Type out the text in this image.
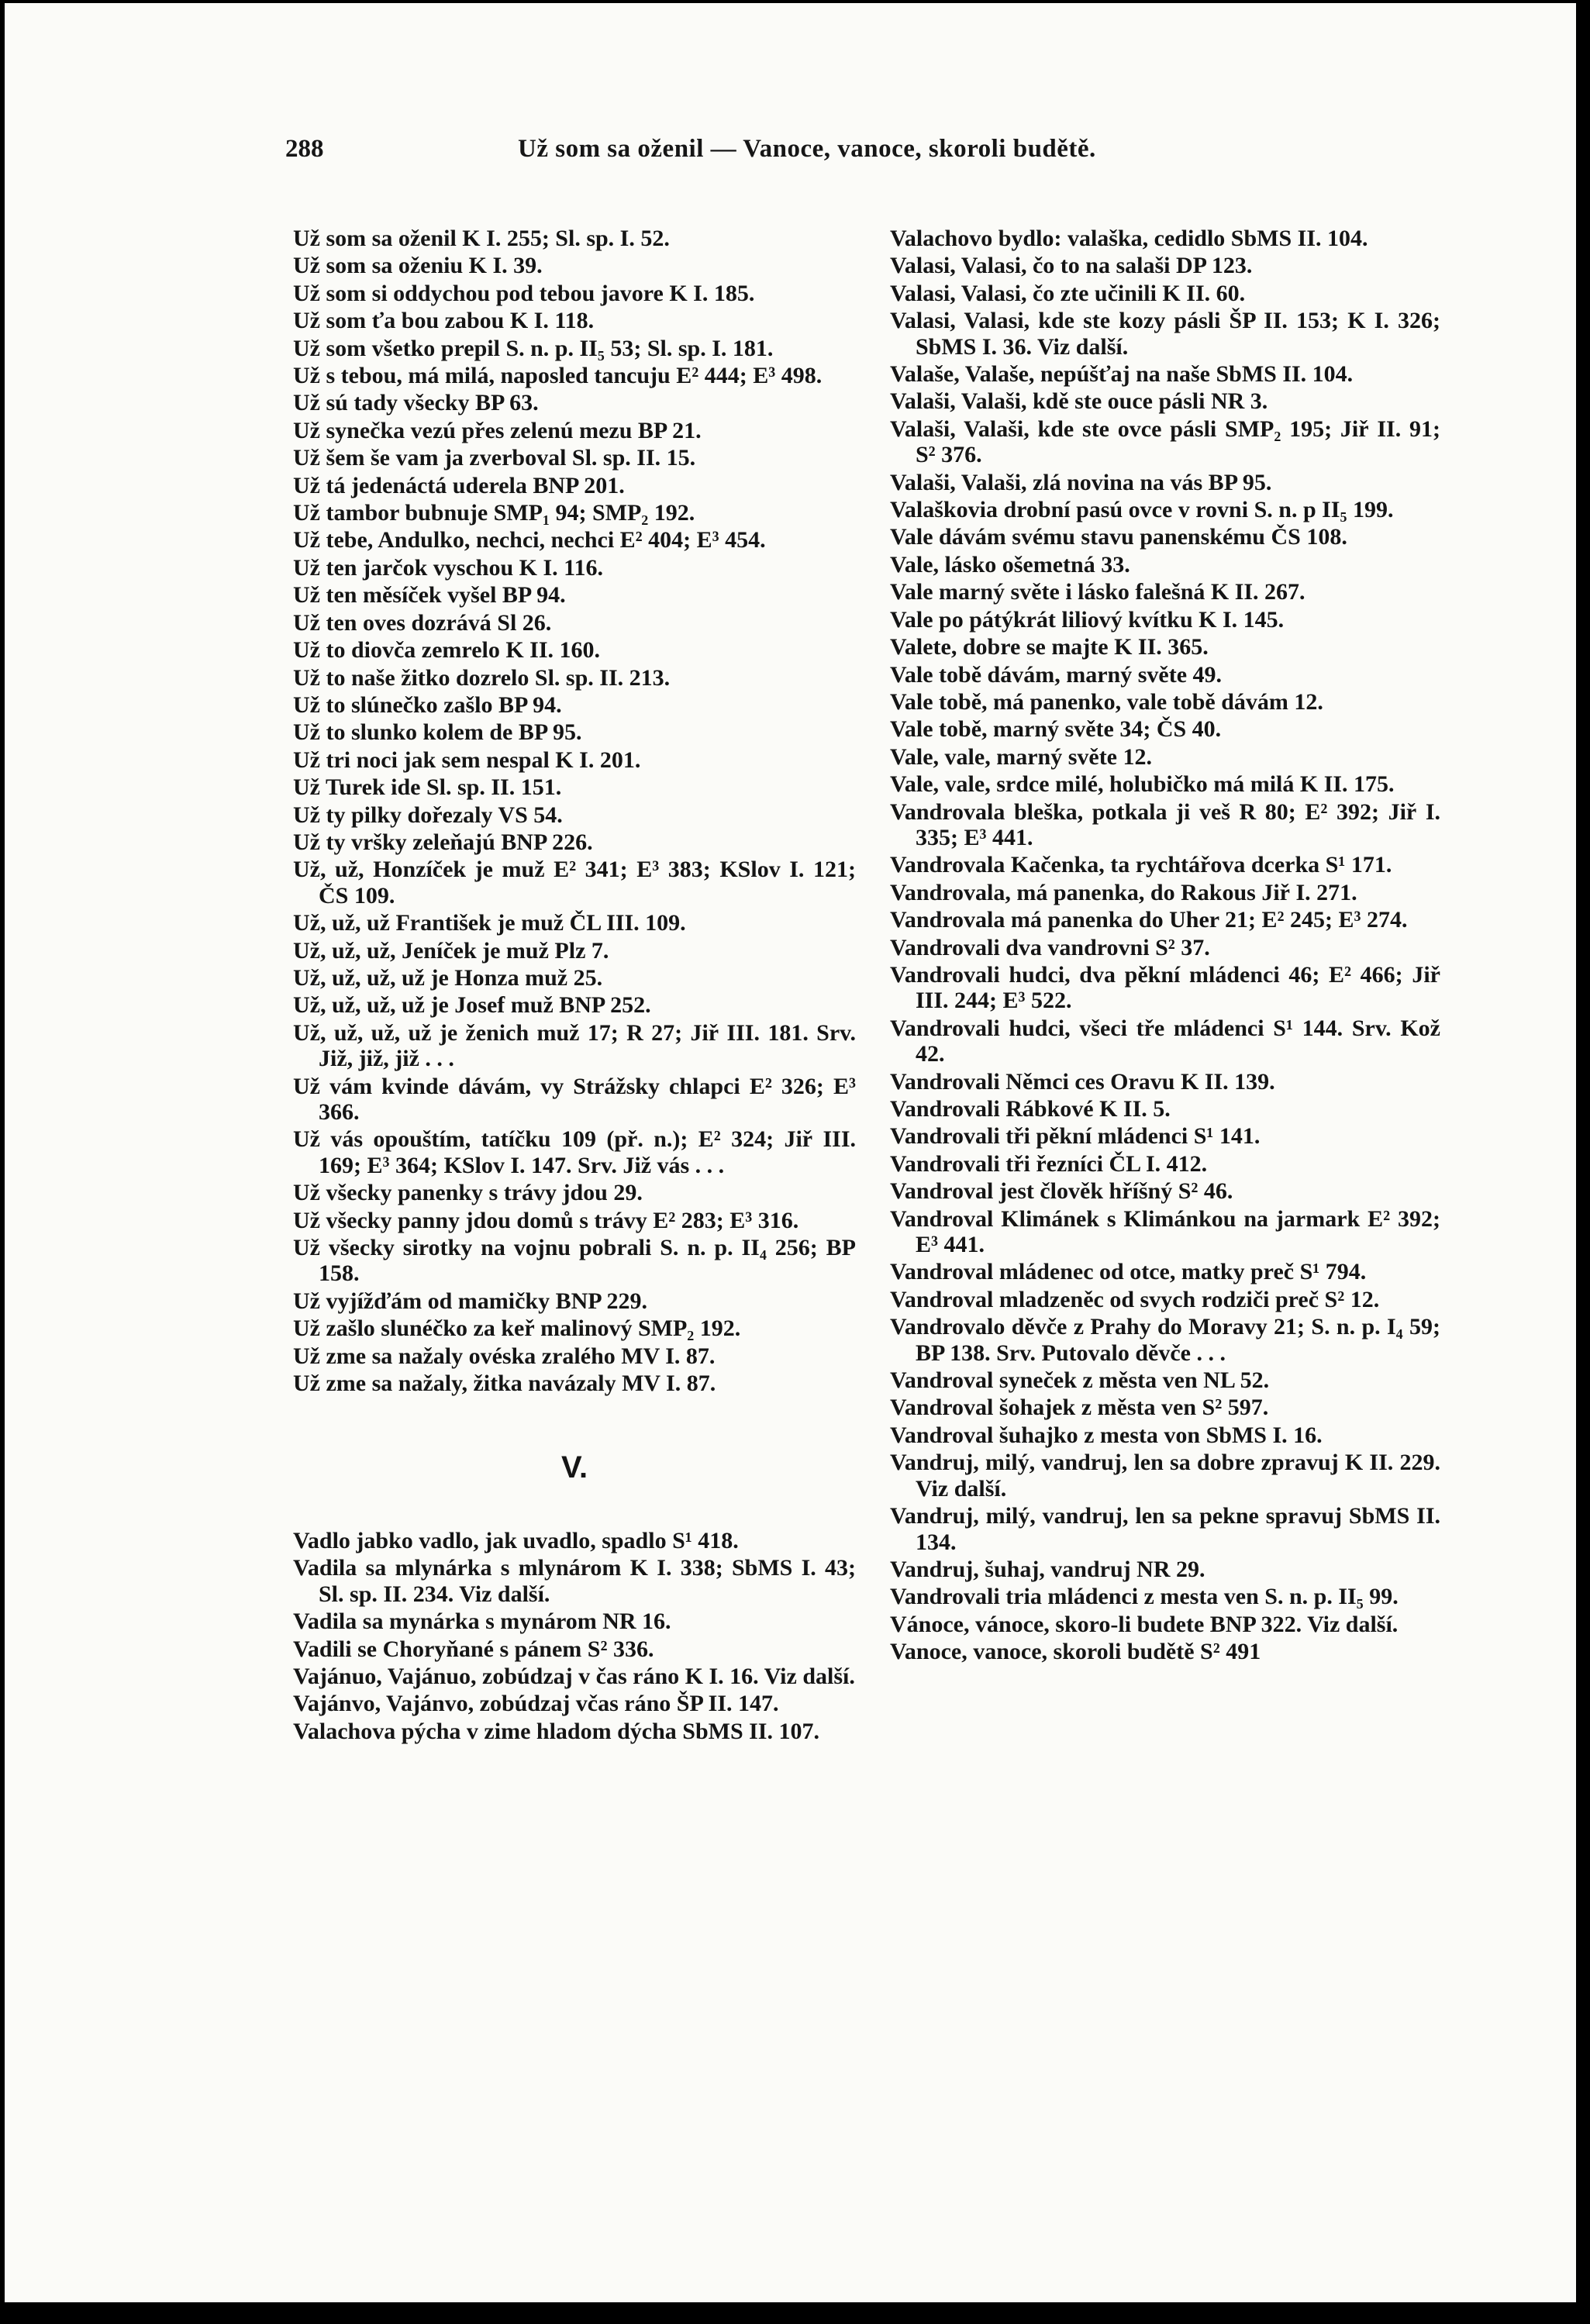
288	Už som sa oženil — Vanoce, vanoce, skoroli budětě.
Už som sa oženil K I. 255; Sl. sp. I. 52.
Už som sa oženiu K I. 39.
Už som si oddychou pod tebou javore K I. 185.
Už som ťa bou zabou K I. 118.
Už som všetko prepil S. n. p. II₅ 53; Sl. sp. I. 181.
Už s tebou, má milá, naposled tancuju E² 444; E³ 498.
Už sú tady všecky BP 63.
Už synečka vezú přes zelenú mezu BP 21.
Už šem še vam ja zverboval Sl. sp. II. 15.
Už tá jedenáctá uderela BNP 201.
Už tambor bubnuje SMP₁ 94; SMP₂ 192.
Už tebe, Andulko, nechci, nechci E² 404; E³ 454.
Už ten jarčok vyschou K I. 116.
Už ten měsíček vyšel BP 94.
Už ten oves dozrává Sl 26.
Už to diovča zemrelo K II. 160.
Už to naše žitko dozrelo Sl. sp. II. 213.
Už to slúnečko zašlo BP 94.
Už to slunko kolem de BP 95.
Už tri noci jak sem nespal K I. 201.
Už Turek ide Sl. sp. II. 151.
Už ty pilky dořezaly VS 54.
Už ty vršky zeleňajú BNP 226.
Už, už, Honzíček je muž E² 341; E³ 383; KSlov I. 121; ČS 109.
Už, už, už František je muž ČL III. 109.
Už, už, už, Jeníček je muž Plz 7.
Už, už, už, už je Honza muž 25.
Už, už, už, už je Josef muž BNP 252.
Už, už, už, už je ženich muž 17; R 27; Jiř III. 181. Srv. Již, již, již . . .
Už vám kvinde dávám, vy Strážsky chlapci E² 326; E³ 366.
Už vás opouštím, tatíčku 109 (př. n.); E² 324; Jiř III. 169; E³ 364; KSlov I. 147. Srv. Již vás . . .
Už všecky panenky s trávy jdou 29.
Už všecky panny jdou domů s trávy E² 283; E³ 316.
Už všecky sirotky na vojnu pobrali S. n. p. II₄ 256; BP 158.
Už vyjížďám od mamičky BNP 229.
Už zašlo slunéčko za keř malinový SMP₂ 192.
Už zme sa nažaly ovéska zralého MV I. 87.
Už zme sa nažaly, žitka navázaly MV I. 87.
V.
Vadlo jabko vadlo, jak uvadlo, spadlo S¹ 418.
Vadila sa mlynárka s mlynárom K I. 338; SbMS I. 43; Sl. sp. II. 234. Viz další.
Vadila sa mynárka s mynárom NR 16.
Vadili se Choryňané s pánem S² 336.
Vajánuo, Vajánuo, zobúdzaj v čas ráno K I. 16. Viz další.
Vajánvo, Vajánvo, zobúdzaj včas ráno ŠP II. 147.
Valachova pýcha v zime hladom dýcha SbMS II. 107.
Valachovo bydlo: valaška, cedidlo SbMS II. 104.
Valasi, Valasi, čo to na salaši DP 123.
Valasi, Valasi, čo zte učinili K II. 60.
Valasi, Valasi, kde ste kozy pásli ŠP II. 153; K I. 326; SbMS I. 36. Viz další.
Valaše, Valaše, nepúšťaj na naše SbMS II. 104.
Valaši, Valaši, kdě ste ouce pásli NR 3.
Valaši, Valaši, kde ste ovce pásli SMP₂ 195; Jiř II. 91; S² 376.
Valaši, Valaši, zlá novina na vás BP 95.
Valaškovia drobní pasú ovce v rovni S. n. p II₅ 199.
Vale dávám svému stavu panenskému ČS 108.
Vale, lásko ošemetná 33.
Vale marný světe i lásko falešná K II. 267.
Vale po pátýkrát liliový kvítku K I. 145.
Valete, dobre se majte K II. 365.
Vale tobě dávám, marný světe 49.
Vale tobě, má panenko, vale tobě dávám 12.
Vale tobě, marný světe 34; ČS 40.
Vale, vale, marný světe 12.
Vale, vale, srdce milé, holubičko má milá K II. 175.
Vandrovala bleška, potkala ji veš R 80; E² 392; Jiř I. 335; E³ 441.
Vandrovala Kačenka, ta rychtářova dcerka S¹ 171.
Vandrovala, má panenka, do Rakous Jiř I. 271.
Vandrovala má panenka do Uher 21; E² 245; E³ 274.
Vandrovali dva vandrovni S² 37.
Vandrovali hudci, dva pěkní mládenci 46; E² 466; Jiř III. 244; E³ 522.
Vandrovali hudci, všeci tře mládenci S¹ 144. Srv. Kož 42.
Vandrovali Němci ces Oravu K II. 139.
Vandrovali Rábkové K II. 5.
Vandrovali tři pěkní mládenci S¹ 141.
Vandrovali tři řezníci ČL I. 412.
Vandroval jest člověk hříšný S² 46.
Vandroval Klimánek s Klimánkou na jarmark E² 392; E³ 441.
Vandroval mládenec od otce, matky preč S¹ 794.
Vandroval mladzeněc od svych rodziči preč S² 12.
Vandrovalo děvče z Prahy do Moravy 21; S. n. p. I₄ 59; BP 138. Srv. Putovalo děvče . . .
Vandroval syneček z města ven NL 52.
Vandroval šohajek z města ven S² 597.
Vandroval šuhajko z mesta von SbMS I. 16.
Vandruj, milý, vandruj, len sa dobre zpravuj K II. 229. Viz další.
Vandruj, milý, vandruj, len sa pekne spravuj SbMS II. 134.
Vandruj, šuhaj, vandruj NR 29.
Vandrovali tria mládenci z mesta ven S. n. p. II₅ 99.
Vánoce, vánoce, skoro-li budete BNP 322. Viz další.
Vanoce, vanoce, skoroli budětě S² 491
